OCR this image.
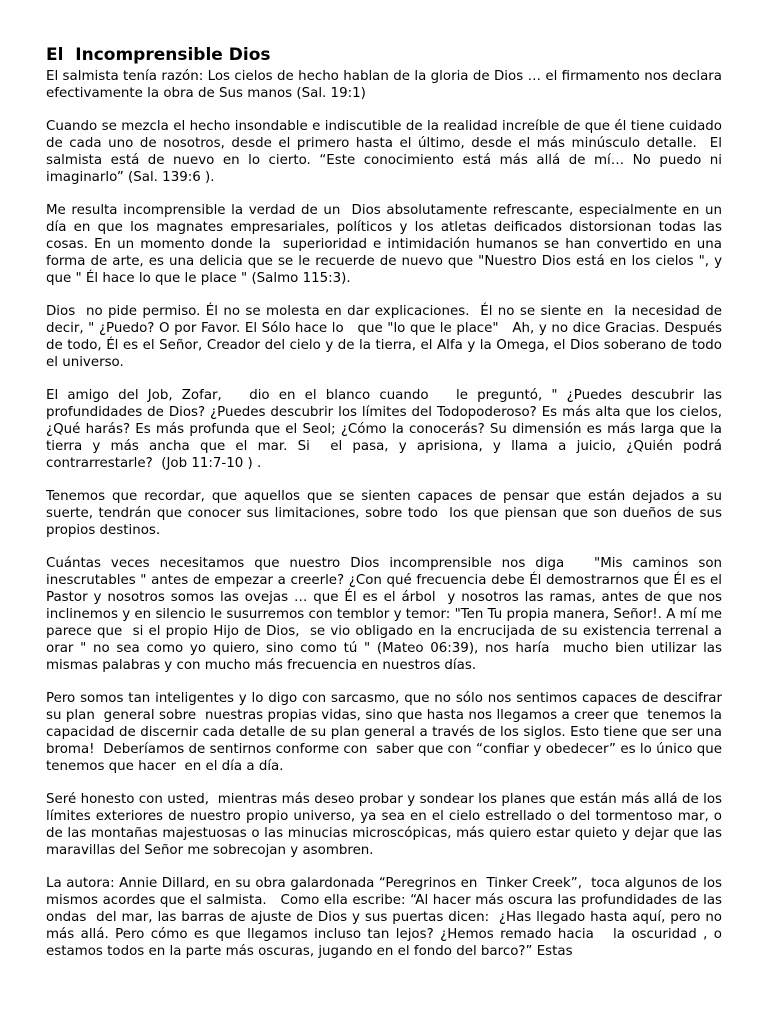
El  Incomprensible Dios

El salmista tenía razón: Los cielos de hecho hablan de la gloria de Dios … el firmamento nos declara efectivamente la obra de Sus manos (Sal. 19:1)

Cuando se mezcla el hecho insondable e indiscutible de la realidad increíble de que él tiene cuidado de cada uno de nosotros, desde el primero hasta el último, desde el más minúsculo detalle.  El salmista está de nuevo en lo cierto. “Este conocimiento está más allá de mí… No puedo ni imaginarlo” (Sal. 139:6 ).

Me resulta incomprensible la verdad de un  Dios absolutamente refrescante, especialmente en un día en que los magnates empresariales, políticos y los atletas deificados distorsionan todas las  cosas. En un momento donde la  superioridad e intimidación humanos se han convertido en una forma de arte, es una delicia que se le recuerde de nuevo que "Nuestro Dios está en los cielos ", y que " Él hace lo que le place " (Salmo 115:3).

Dios  no pide permiso. Él no se molesta en dar explicaciones.  Él no se siente en  la necesidad de decir, " ¿Puedo? O por Favor. El Sólo hace lo   que "lo que le place"   Ah, y no dice Gracias. Después de todo, Él es el Señor, Creador del cielo y de la tierra, el Alfa y la Omega, el Dios soberano de todo el universo.

El amigo del Job, Zofar,   dio en el blanco cuando   le preguntó, " ¿Puedes descubrir las profundidades de Dios? ¿Puedes descubrir los límites del Todopoderoso? Es más alta que los cielos, ¿Qué harás? Es más profunda que el Seol; ¿Cómo la conocerás? Su dimensión es más larga que la tierra y más ancha que el mar. Si  el pasa, y aprisiona, y llama a juicio, ¿Quién podrá contrarrestarle?  (Job 11:7-10 ) .

Tenemos que recordar, que aquellos que se sienten capaces de pensar que están dejados a su suerte, tendrán que conocer sus limitaciones, sobre todo  los que piensan que son dueños de sus propios destinos.

Cuántas veces necesitamos que nuestro Dios incomprensible nos diga   "Mis caminos son inescrutables " antes de empezar a creerle? ¿Con qué frecuencia debe Él demostrarnos que Él es el Pastor y nosotros somos las ovejas … que Él es el árbol  y nosotros las ramas, antes de que nos inclinemos y en silencio le susurremos con temblor y temor: "Ten Tu propia manera, Señor!. A mí me parece que  si el propio Hijo de Dios,  se vio obligado en la encrucijada de su existencia terrenal a orar " no sea como yo quiero, sino como tú " (Mateo 06:39), nos haría  mucho bien utilizar las mismas palabras y con mucho más frecuencia en nuestros días.

Pero somos tan inteligentes y lo digo con sarcasmo, que no sólo nos sentimos capaces de descifrar  su plan  general sobre  nuestras propias vidas, sino que hasta nos llegamos a creer que  tenemos la capacidad de discernir cada detalle de su plan general a través de los siglos. Esto tiene que ser una broma!  Deberíamos de sentirnos conforme con  saber que con “confiar y obedecer” es lo único que tenemos que hacer  en el día a día.

Seré honesto con usted,  mientras más deseo probar y sondear los planes que están más allá de los límites exteriores de nuestro propio universo, ya sea en el cielo estrellado o del tormentoso mar, o de las montañas majestuosas o las minucias microscópicas, más quiero estar quieto y dejar que las maravillas del Señor me sobrecojan y asombren.

La autora: Annie Dillard, en su obra galardonada “Peregrinos en  Tinker Creek”,  toca algunos de los mismos acordes que el salmista.   Como ella escribe: “Al hacer más oscura las profundidades de las ondas  del mar, las barras de ajuste de Dios y sus puertas dicen:  ¿Has llegado hasta aquí, pero no más allá. Pero cómo es que llegamos incluso tan lejos? ¿Hemos remado hacia   la oscuridad , o estamos todos en la parte más oscuras, jugando en el fondo del barco?” Estas
